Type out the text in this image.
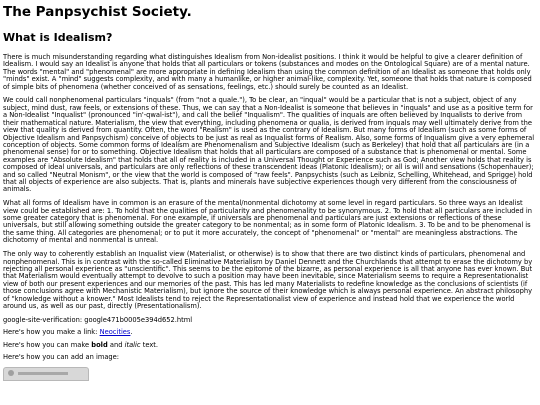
The Panpsychist Society.
What is Idealism?

There is much misunderstanding regarding what distinguishes Idealism from Non-idealist positions. I think it would be helpful to give a clearer definition of Idealism. I would say an Idealist is anyone that holds that all particulars or tokens (substances and modes on the Ontological Square) are of a mental nature. The words "mental" and "phenomenal" are more appropriate in defining Idealism than using the common definition of an Idealist as someone that holds only "minds" exist. A "mind" suggests complexity, and with many a humanlike, or higher animal-like, complexity. Yet, someone that holds that nature is composed of simple bits of phenomena (whether conceived of as sensations, feelings, etc.) should surely be counted as an Idealist.

We could call nonphenomenal particulars "inquals" (from "not a quale."), To be clear, an "inqual" would be a particular that is not a subject, object of any subject, mind dust, raw feels, or extensions of these. Thus, we can say that a Non-Idealist is someone that believes in "inquals" and use as a positive term for a Non-Idealist "Inqualist" (pronounced "in'-qwal-ist"), and call the belief "Inqualism". The qualities of inquals are often believed by Inqualists to derive from their mathematical nature. Materialism, the view that everything, including phenomena or qualia, is derived from inquals may well ultimately derive from the view that quality is derived from quantity. Often, the word "Realism" is used as the contrary of Idealism. But many forms of Idealism (such as some forms of Objective Idealism and Panpsychism) conceive of objects to be just as real as Inqualist forms of Realism. Also, some forms of Inqualism give a very ephemeral conception of objects. Some common forms of Idealism are Phenomenalism and Subjective Idealism (such as Berkeley) that hold that all particulars are (in a phenomenal sense) for or to something. Objective Idealism that holds that all particulars are composed of a substance that is phenomenal or mental. Some examples are "Absolute Idealism" that holds that all of reality is included in a Universal Thought or Experience such as God; Another view holds that reality is composed of ideal universals, and particulars are only reflections of these transcendent ideas (Platonic Idealism); or all is will and sensations (Schopenhauer); and so called "Neutral Monism", or the view that the world is composed of "raw feels". Panpsychists (such as Leibniz, Schelling, Whitehead, and Sprigge) hold that all objects of experience are also subjects. That is, plants and minerals have subjective experiences though very different from the consciousness of animals.

What all forms of Idealism have in common is an erasure of the mental/nonmental dichotomy at some level in regard particulars. So three ways an Idealist view could be established are: 1. To hold that the qualities of particularity and phenomenality to be synonymous. 2. To hold that all particulars are included in some greater category that is phenomenal. For one example, if universals are phenomenal and particulars are just extensions or reflections of these universals, but still allowing something outside the greater category to be nonmental; as in some form of Platonic Idealism. 3. To be and to be phenomenal is the same thing. All categories are phenomenal; or to put it more accurately, the concept of "phenomenal" or "mental" are meaningless abstractions. The dichotomy of mental and nonmental is unreal.

The only way to coherently establish an Inqualist view (Materialist, or otherwise) is to show that there are two distinct kinds of particulars, phenomenal and nonphenomenal. This is in contrast with the so-called Eliminative Materialism by Daniel Dennett and the Churchlands that attempt to erase the dichotomy by rejecting all personal experience as "unscientific". This seems to be the epitome of the bizarre, as personal experience is all that anyone has ever known. But that Materialism would eventually attempt to devolve to such a position may have been inevitable, since Materialism seems to require a Representationalist view of both our present experiences and our memories of the past. This has led many Materialists to redefine knowledge as the conclusions of scientists (if those conclusions agree with Mechanistic Materialism), but ignore the source of their knowledge which is always personal experience. An abstract philosophy of "knowledge without a knower." Most Idealists tend to reject the Representationalist view of experience and instead hold that we experience the world around us, as well as our past, directly (Presentationalism).

google-site-verification: google471b0005e394d652.html

Here's how you make a link: Neocities.

Here's how you can make bold and italic text.

Here's how you can add an image:
